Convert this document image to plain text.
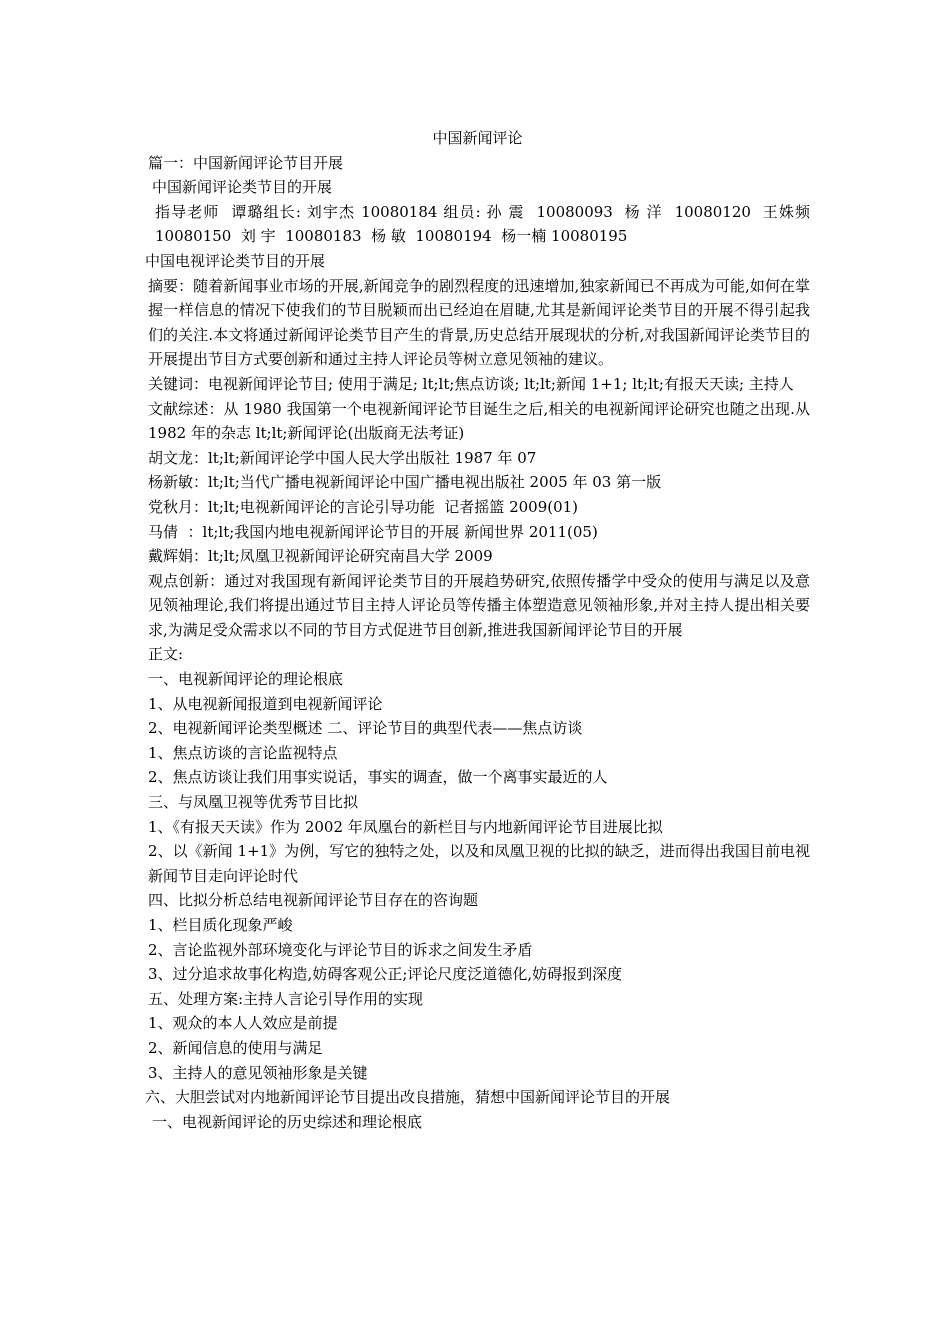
中国新闻评论

篇一：中国新闻评论节目开展

中国新闻评论类节目的开展

指导老师  谭璐组长: 刘宇杰 10080184 组员: 孙 震  10080093  杨 洋  10080120  王姝频 10080150  刘 宇  10080183  杨 敏  10080194  杨一楠 10080195

中国电视评论类节目的开展

摘要：随着新闻事业市场的开展,新闻竞争的剧烈程度的迅速增加,独家新闻已不再成为可能,如何在掌握一样信息的情况下使我们的节目脱颖而出已经迫在眉睫,尤其是新闻评论类节目的开展不得引起我们的关注.本文将通过新闻评论类节目产生的背景,历史总结开展现状的分析,对我国新闻评论类节目的开展提出节目方式要创新和通过主持人评论员等树立意见领袖的建议。

关键词：电视新闻评论节目; 使用于满足; lt;lt;焦点访谈; lt;lt;新闻 1+1; lt;lt;有报天天读; 主持人

文献综述：从 1980 我国第一个电视新闻评论节目诞生之后,相关的电视新闻评论研究也随之出现.从 1982 年的杂志 lt;lt;新闻评论(出版商无法考证)

胡文龙：lt;lt;新闻评论学中国人民大学出版社 1987 年 07

杨新敏：lt;lt;当代广播电视新闻评论中国广播电视出版社 2005 年 03 第一版

党秋月：lt;lt;电视新闻评论的言论引导功能  记者摇篮 2009(01)

马倩  ：lt;lt;我国内地电视新闻评论节目的开展 新闻世界 2011(05)

戴辉娟：lt;lt;凤凰卫视新闻评论研究南昌大学 2009

观点创新：通过对我国现有新闻评论类节目的开展趋势研究,依照传播学中受众的使用与满足以及意见领袖理论,我们将提出通过节目主持人评论员等传播主体塑造意见领袖形象,并对主持人提出相关要求,为满足受众需求以不同的节目方式促进节目创新,推进我国新闻评论节目的开展

正文:

一、电视新闻评论的理论根底

1、从电视新闻报道到电视新闻评论

2、电视新闻评论类型概述 二、评论节目的典型代表——焦点访谈

1、焦点访谈的言论监视特点

2、焦点访谈让我们用事实说话，事实的调查，做一个离事实最近的人

三、与凤凰卫视等优秀节目比拟

1、《有报天天读》作为 2002 年凤凰台的新栏目与内地新闻评论节目进展比拟

2、以《新闻 1+1》为例，写它的独特之处，以及和凤凰卫视的比拟的缺乏，进而得出我国目前电视新闻节目走向评论时代

四、比拟分析总结电视新闻评论节目存在的咨询题

1、栏目质化现象严峻

2、言论监视外部环境变化与评论节目的诉求之间发生矛盾

3、过分追求故事化构造,妨碍客观公正;评论尺度泛道德化,妨碍报到深度

五、处理方案:主持人言论引导作用的实现

1、观众的本人人效应是前提

2、新闻信息的使用与满足

3、主持人的意见领袖形象是关键

六、大胆尝试对内地新闻评论节目提出改良措施，猜想中国新闻评论节目的开展

一、电视新闻评论的历史综述和理论根底
